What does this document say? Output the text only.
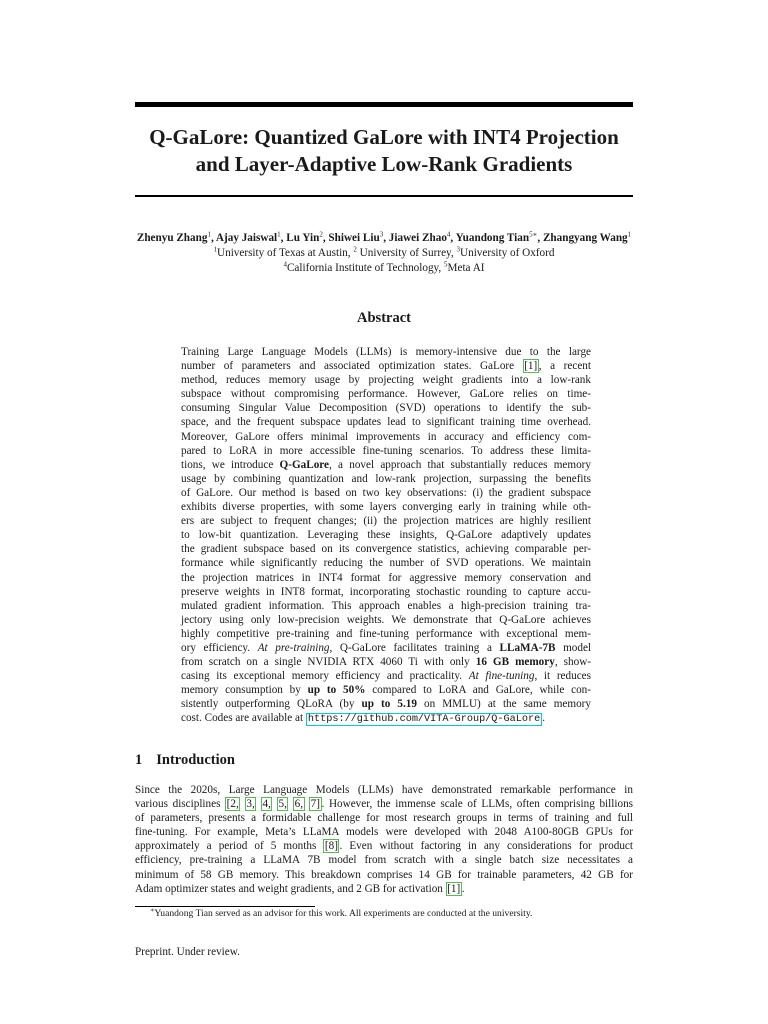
Q-GaLore: Quantized GaLore with INT4 Projection
and Layer-Adaptive Low-Rank Gradients
Zhenyu Zhang$^1$, Ajay Jaiswal$^1$, Lu Yin$^2$, Shiwei Liu$^3$, Jiawei Zhao$^4$, Yuandong Tian$^{5∗}$, Zhangyang Wang$^1$
$^1$University of Texas at Austin, $^2$ University of Surrey, $^3$University of Oxford
$^4$California Institute of Technology, $^5$Meta AI
Abstract
Training Large Language Models (LLMs) is memory-intensive due to the large
number of parameters and associated optimization states. GaLore [1] , a recent
method, reduces memory usage by projecting weight gradients into a low-rank
subspace without compromising performance. However, GaLore relies on time-
consuming Singular Value Decomposition (SVD) operations to identify the sub-
space, and the frequent subspace updates lead to significant training time overhead.
Moreover, GaLore offers minimal improvements in accuracy and efficiency com-
pared to LoRA in more accessible fine-tuning scenarios. To address these limita-
tions, we introduce Q-GaLore, a novel approach that substantially reduces memory
usage by combining quantization and low-rank projection, surpassing the benefits
of GaLore. Our method is based on two key observations: (i) the gradient subspace
exhibits diverse properties, with some layers converging early in training while oth-
ers are subject to frequent changes; (ii) the projection matrices are highly resilient
to low-bit quantization. Leveraging these insights, Q-GaLore adaptively updates
the gradient subspace based on its convergence statistics, achieving comparable per-
formance while significantly reducing the number of SVD operations. We maintain
the projection matrices in INT4 format for aggressive memory conservation and
preserve weights in INT8 format, incorporating stochastic rounding to capture accu-
mulated gradient information. This approach enables a high-precision training tra-
jectory using only low-precision weights. We demonstrate that Q-GaLore achieves
highly competitive pre-training and fine-tuning performance with exceptional mem-
ory efficiency. At pre-training, Q-GaLore facilitates training a LLaMA-7B model
from scratch on a single NVIDIA RTX 4060 Ti with only 16 GB memory, show-
casing its exceptional memory efficiency and practicality. At fine-tuning, it reduces
memory consumption by up to 50% compared to LoRA and GaLore, while con-
sistently outperforming QLoRA (by up to 5.19 on MMLU) at the same memory
cost. Codes are available at https://github.com/VITA-Group/Q-GaLore .
1 Introduction
Since the 2020s, Large Language Models (LLMs) have demonstrated remarkable performance in
various disciplines [2, 3, 4, 5, 6, 7] . However, the immense scale of LLMs, often comprising billions
of parameters, presents a formidable challenge for most research groups in terms of training and full
fine-tuning. For example, Meta’s LLaMA models were developed with 2048 A100-80GB GPUs for
approximately a period of 5 months [8] . Even without factoring in any considerations for product
efficiency, pre-training a LLaMA 7B model from scratch with a single batch size necessitates a
minimum of 58 GB memory. This breakdown comprises 14 GB for trainable parameters, 42 GB for
Adam optimizer states and weight gradients, and 2 GB for activation [1] .
∗Yuandong Tian served as an advisor for this work. All experiments are conducted at the university.
Preprint. Under review.
